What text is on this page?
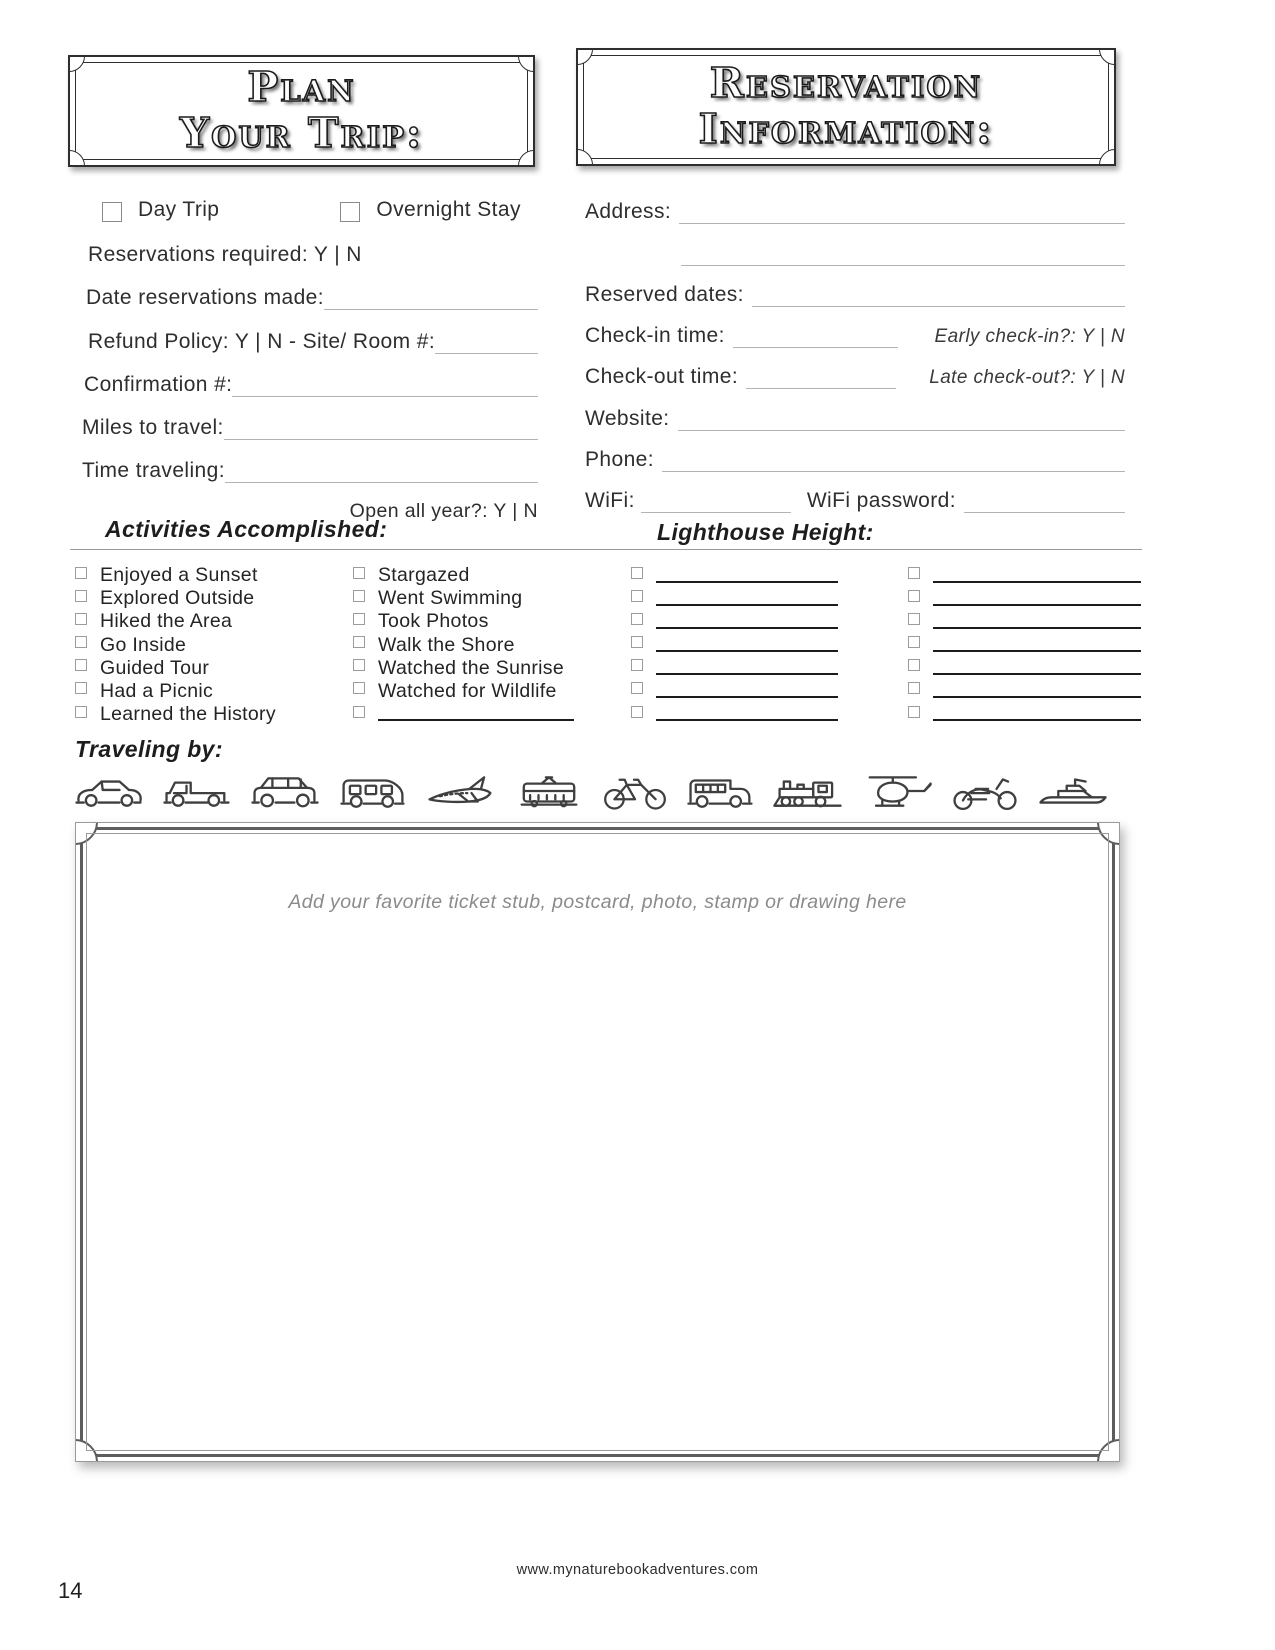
Plan
Your Trip:
Reservation
Information:
Day Trip	Overnight Stay
Reservations required: Y | N
Date reservations made:
Refund Policy: Y | N - Site/ Room #:
Confirmation #:
Miles to travel:
Time traveling:
Open all year?: Y | N
Address:
Reserved dates:
Check-in time:	Early check-in?: Y | N
Check-out time:	Late check-out?: Y | N
Website:
Phone:
WiFi:	WiFi password:
Activities Accomplished:	Lighthouse Height:
Enjoyed a Sunset
Explored Outside
Hiked the Area
Go Inside
Guided Tour
Had a Picnic
Learned the History
Stargazed
Went Swimming
Took Photos
Walk the Shore
Watched the Sunrise
Watched for Wildlife
Traveling by:
Add your favorite ticket stub, postcard, photo, stamp or drawing here
www.mynaturebookadventures.com
14
